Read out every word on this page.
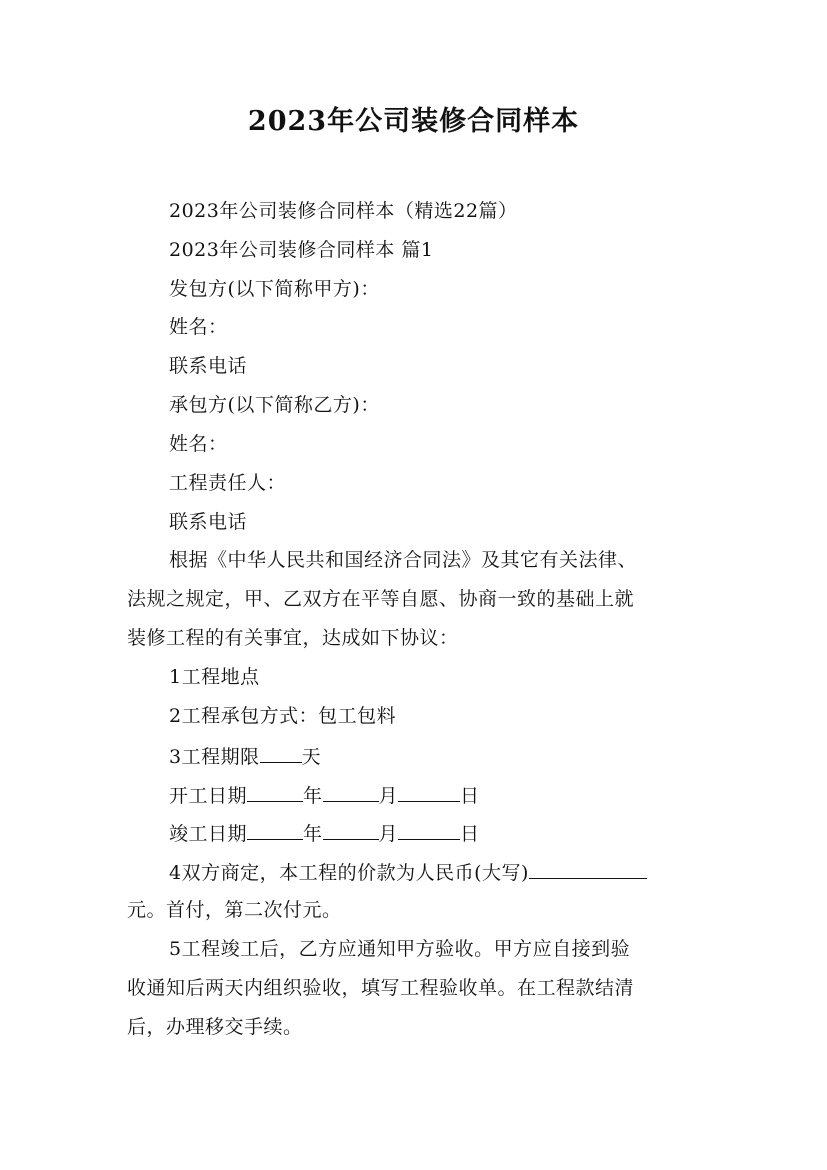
2023年公司装修合同样本
2023年公司装修合同样本（精选22篇）
2023年公司装修合同样本 篇1
发包方(以下简称甲方)：
姓名：
联系电话
承包方(以下简称乙方)：
姓名：
工程责任人：
联系电话
根据《中华人民共和国经济合同法》及其它有关法律、
法规之规定，甲、乙双方在平等自愿、协商一致的基础上就
装修工程的有关事宜，达成如下协议：
1工程地点
2工程承包方式：包工包料
3工程期限 天
开工日期	年	月	日
竣工日期	年	月	日
4双方商定，本工程的价款为人民币(大写)
元。首付，第二次付元。
5工程竣工后，乙方应通知甲方验收。甲方应自接到验
收通知后两天内组织验收，填写工程验收单。在工程款结清
后，办理移交手续。
